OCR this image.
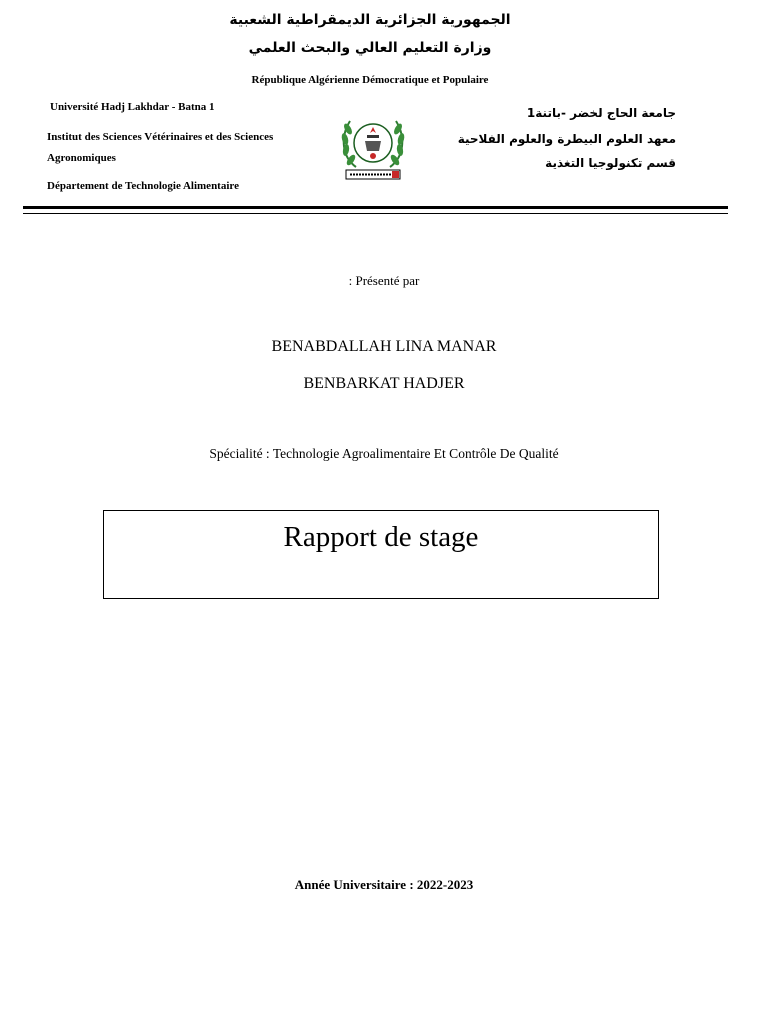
الجمهورية الجزائرية الديمقراطية الشعبية
وزارة التعليم العالي والبحث العلمي
République Algérienne Démocratique et Populaire
Université Hadj Lakhdar - Batna 1
Institut des Sciences Vétérinaires et des Sciences Agronomiques
Département de Technologie Alimentaire
جامعة الحاج لخضر -باتنة1
معهد العلوم البيطرة والعلوم الفلاحية
قسم تكنولوجيا التغذية
: Présenté par
BENABDALLAH LINA MANAR
BENBARKAT HADJER
Spécialité : Technologie Agroalimentaire Et Contrôle De Qualité
Rapport de stage
Année Universitaire : 2022-2023
